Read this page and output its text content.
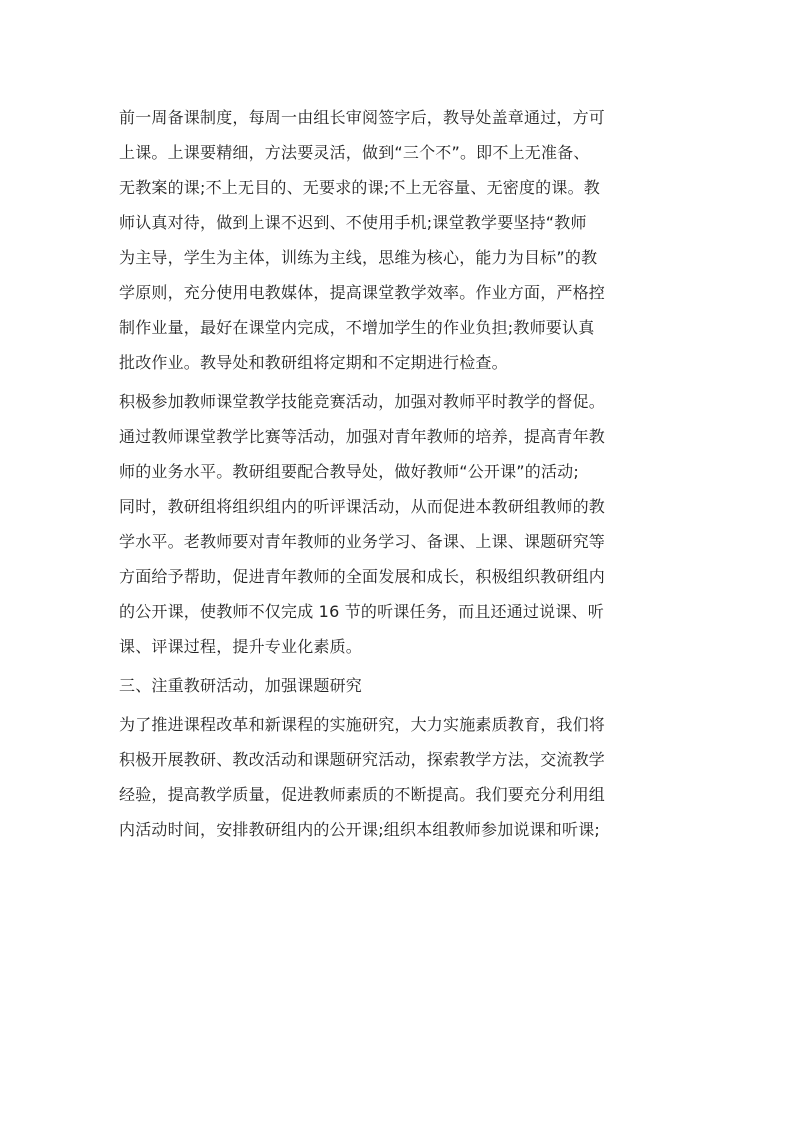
前一周备课制度，每周一由组长审阅签字后，教导处盖章通过，方可
上课。上课要精细，方法要灵活，做到“三个不”。即不上无准备、
无教案的课;不上无目的、无要求的课;不上无容量、无密度的课。教
师认真对待，做到上课不迟到、不使用手机;课堂教学要坚持“教师
为主导，学生为主体，训练为主线，思维为核心，能力为目标”的教
学原则，充分使用电教媒体，提高课堂教学效率。作业方面，严格控
制作业量，最好在课堂内完成，不增加学生的作业负担;教师要认真
批改作业。教导处和教研组将定期和不定期进行检查。
积极参加教师课堂教学技能竞赛活动，加强对教师平时教学的督促。
通过教师课堂教学比赛等活动，加强对青年教师的培养，提高青年教
师的业务水平。教研组要配合教导处，做好教师“公开课”的活动;
同时，教研组将组织组内的听评课活动，从而促进本教研组教师的教
学水平。老教师要对青年教师的业务学习、备课、上课、课题研究等
方面给予帮助，促进青年教师的全面发展和成长，积极组织教研组内
的公开课，使教师不仅完成 16 节的听课任务，而且还通过说课、听
课、评课过程，提升专业化素质。
三、注重教研活动，加强课题研究
为了推进课程改革和新课程的实施研究，大力实施素质教育，我们将
积极开展教研、教改活动和课题研究活动，探索教学方法，交流教学
经验，提高教学质量，促进教师素质的不断提高。我们要充分利用组
内活动时间，安排教研组内的公开课;组织本组教师参加说课和听课;
